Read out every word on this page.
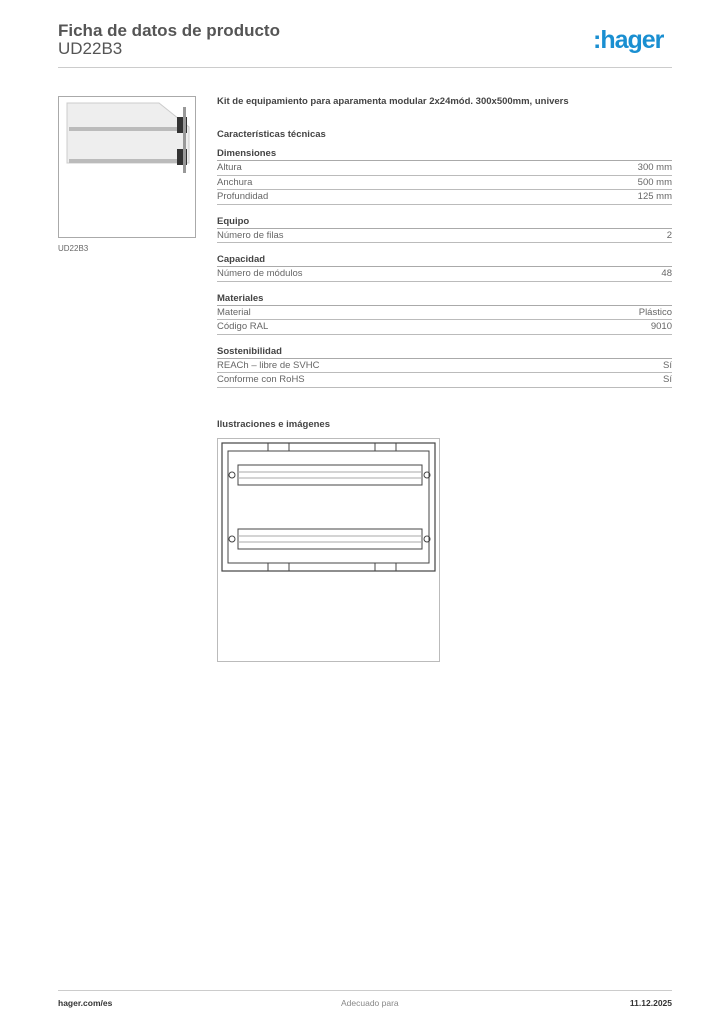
Ficha de datos de producto
UD22B3	:hager
UD22B3
Kit de equipamiento para aparamenta modular 2x24mód. 300x500mm, univers
Características técnicas
Dimensiones
Altura	300 mm
Anchura	500 mm
Profundidad	125 mm
Equipo
Número de filas	2
Capacidad
Número de módulos	48
Materiales
Material	Plástico
Código RAL	9010
Sostenibilidad
REACh – libre de SVHC	Sí
Conforme con RoHS	Sí
Ilustraciones e imágenes
hager.com/es	Adecuado para	11.12.2025
